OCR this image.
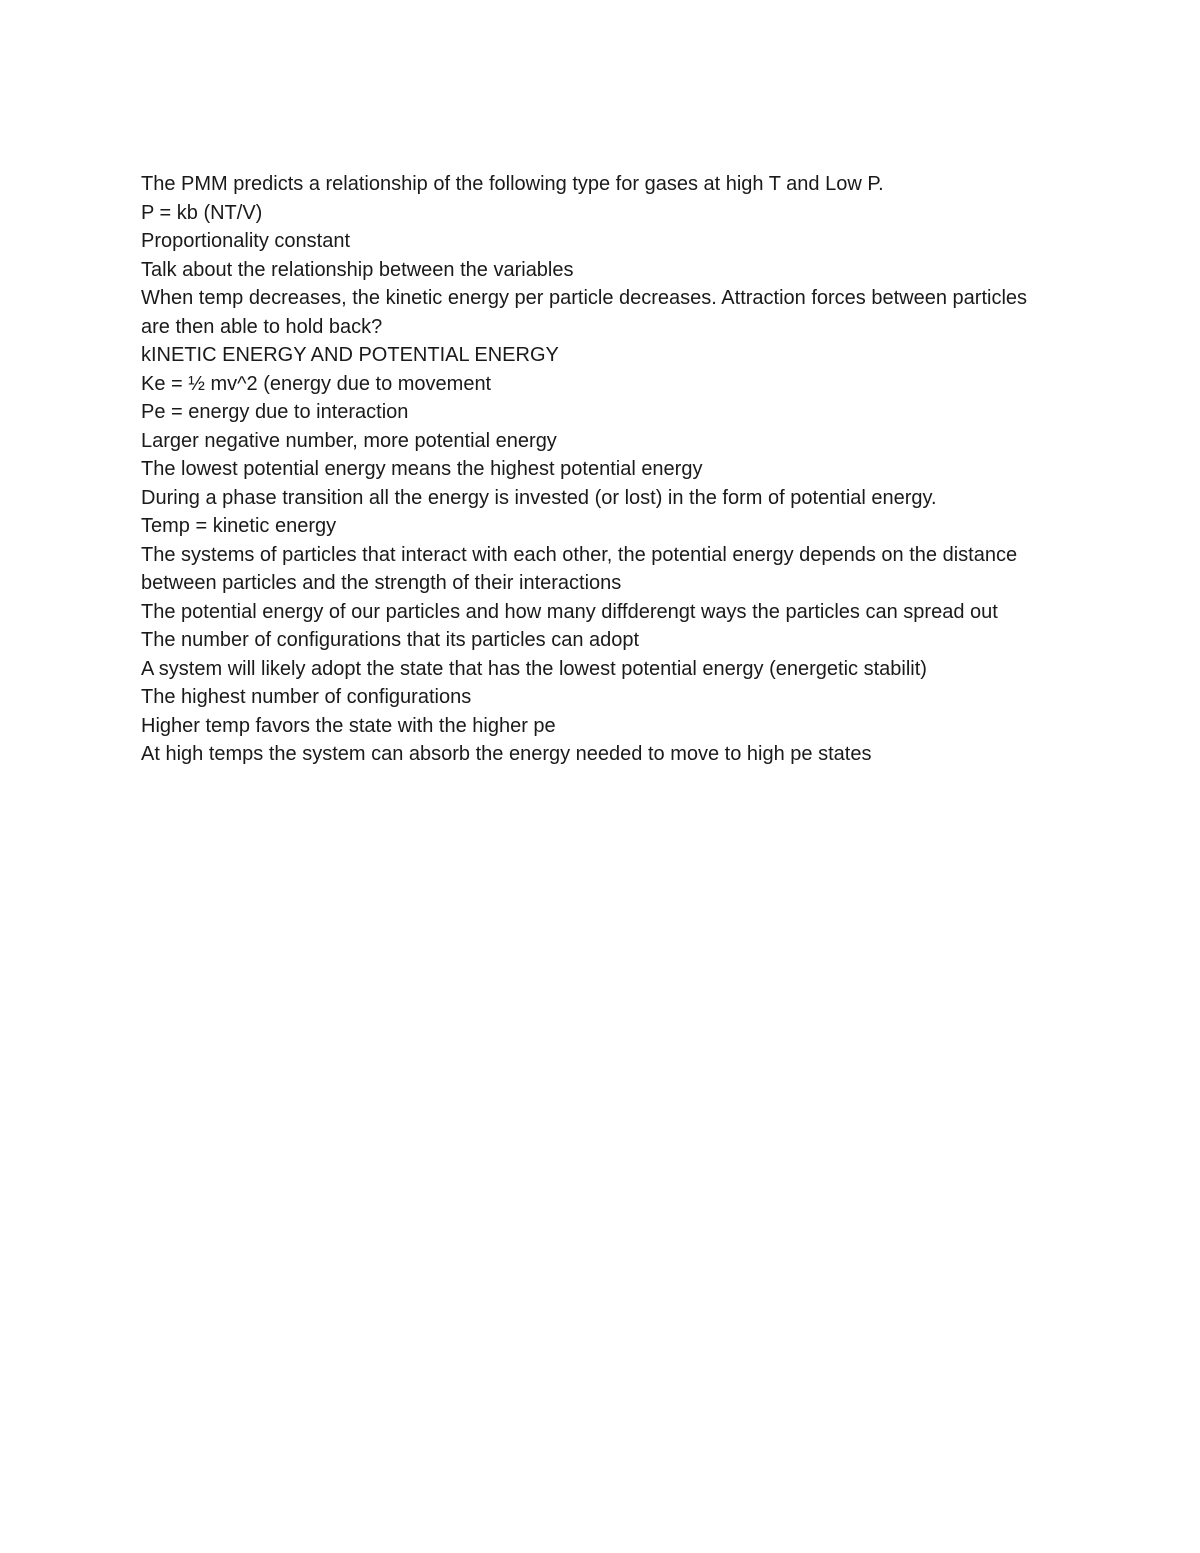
The PMM predicts a relationship of the following type for gases at high T and Low P.

P = kb (NT/V)

Proportionality constant

Talk about the relationship between the variables

When temp decreases, the kinetic energy per particle decreases. Attraction forces between particles are then able to hold back?

kINETIC ENERGY AND POTENTIAL ENERGY

Ke = ½ mv^2 (energy due to movement

Pe = energy due to interaction

Larger negative number, more potential energy

The lowest potential energy means the highest potential energy

During a phase transition all the energy is invested (or lost) in the form of potential energy.

Temp = kinetic energy

The systems of particles that interact with each other, the potential energy depends on the distance between particles and the strength of their interactions

The potential energy of our particles and how many diffderengt ways the particles can spread out

The number of configurations that its particles can adopt

A system will likely adopt the state that has the lowest potential energy (energetic stabilit)

The highest number of configurations

Higher temp favors the state with the higher pe

At high temps the system can absorb the energy needed to move to high pe states
